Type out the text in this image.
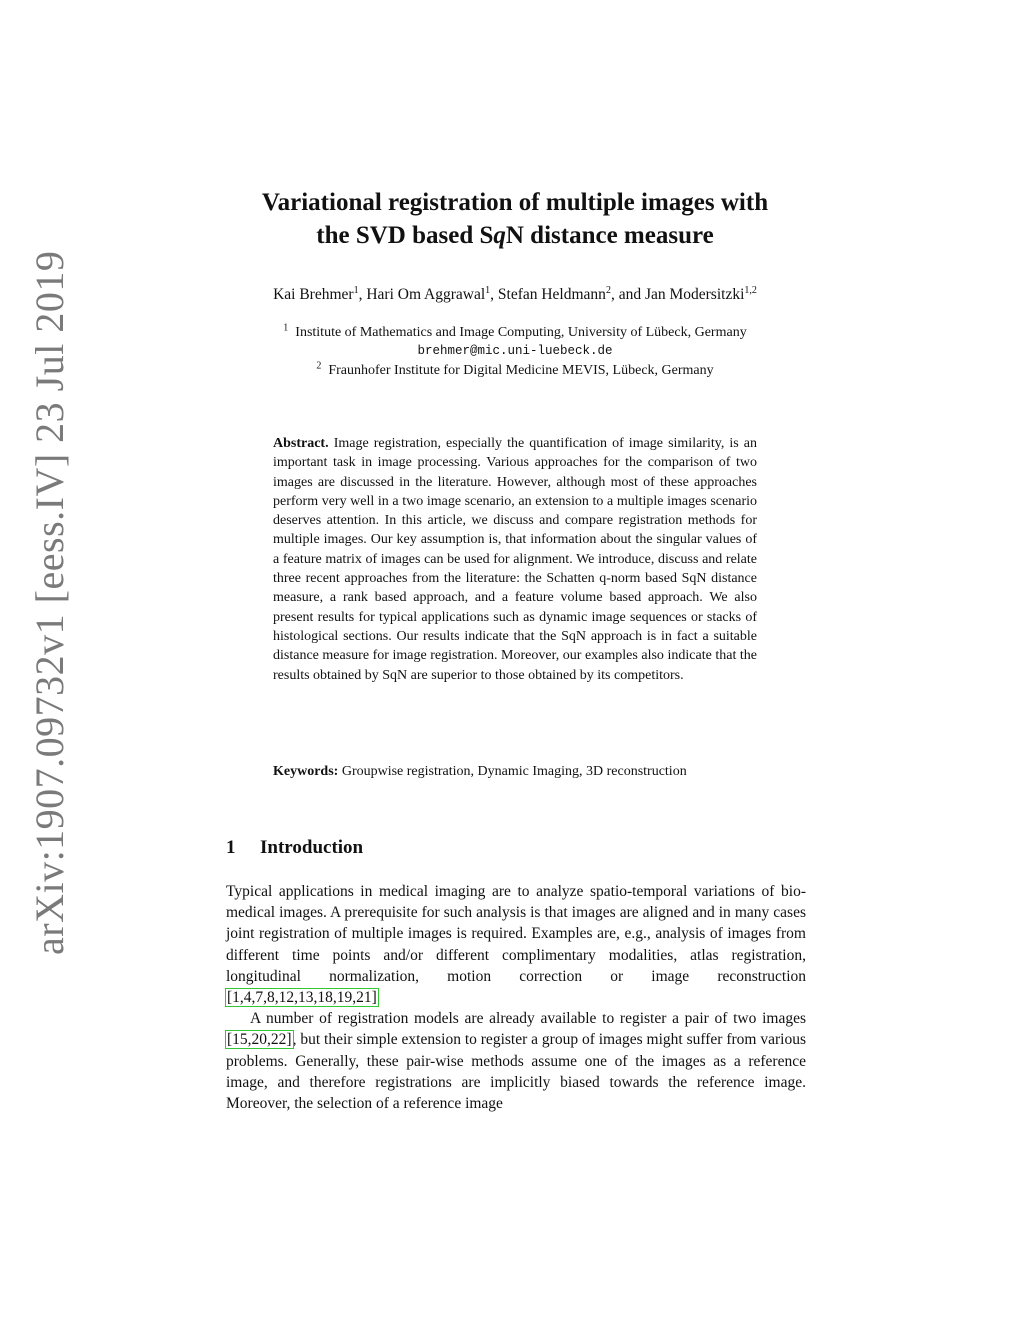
arXiv:1907.09732v1 [eess.IV] 23 Jul 2019
Variational registration of multiple images with
the SVD based SqN distance measure
Kai Brehmer$^1$, Hari Om Aggrawal$^1$, Stefan Heldmann$^2$, and Jan Modersitzki$^{1,2}$
$^1$ Institute of Mathematics and Image Computing, University of Lübeck, Germany
brehmer@mic.uni-luebeck.de
$^2$ Fraunhofer Institute for Digital Medicine MEVIS, Lübeck, Germany
Abstract. Image registration, especially the quantification of image similarity, is an important task in image processing. Various approaches for the comparison of two images are discussed in the literature. However, although most of these approaches perform very well in a two image scenario, an extension to a multiple images scenario deserves attention. In this article, we discuss and compare registration methods for multiple images. Our key assumption is, that information about the singular values of a feature matrix of images can be used for alignment. We introduce, discuss and relate three recent approaches from the literature: the Schatten q-norm based SqN distance measure, a rank based approach, and a feature volume based approach. We also present results for typical applications such as dynamic image sequences or stacks of histological sections. Our results indicate that the SqN approach is in fact a suitable distance measure for image registration. Moreover, our examples also indicate that the results obtained by SqN are superior to those obtained by its competitors.
Keywords: Groupwise registration, Dynamic Imaging, 3D reconstruction
1 Introduction

Typical applications in medical imaging are to analyze spatio-temporal variations of bio-medical images. A prerequisite for such analysis is that images are aligned and in many cases joint registration of multiple images is required. Examples are, e.g., analysis of images from different time points and/or different complimentary modalities, atlas registration, longitudinal normalization, motion correction or image reconstruction [1,4,7,8,12,13,18,19,21]

A number of registration models are already available to register a pair of two images [15,20,22], but their simple extension to register a group of images might suffer from various problems. Generally, these pair-wise methods assume one of the images as a reference image, and therefore registrations are implicitly biased towards the reference image. Moreover, the selection of a reference image
